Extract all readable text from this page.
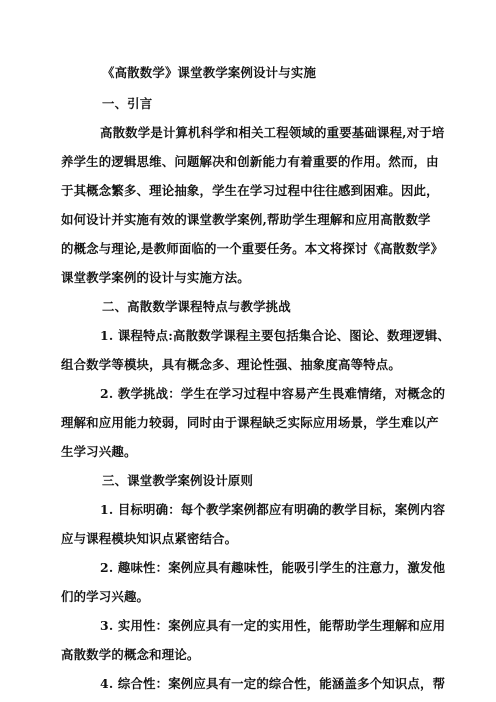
《高散数学》课堂教学案例设计与实施
一、引言
高散数学是计算机科学和相关工程领域的重要基础课程,对于培
养学生的逻辑思维、问题解决和创新能力有着重要的作用。然而，由
于其概念繁多、理论抽象，学生在学习过程中往往感到困难。因此，
如何设计并实施有效的课堂教学案例,帮助学生理解和应用高散数学
的概念与理论,是教师面临的一个重要任务。本文将探讨《高散数学》
课堂教学案例的设计与实施方法。
二、高散数学课程特点与教学挑战
1. 课程特点:高散数学课程主要包括集合论、图论、数理逻辑、
组合数学等模块，具有概念多、理论性强、抽象度高等特点。
2. 教学挑战：学生在学习过程中容易产生畏难情绪，对概念的
理解和应用能力较弱，同时由于课程缺乏实际应用场景，学生难以产
生学习兴趣。
三、课堂教学案例设计原则
1. 目标明确：每个教学案例都应有明确的教学目标，案例内容
应与课程模块知识点紧密结合。
2. 趣味性：案例应具有趣味性，能吸引学生的注意力，激发他
们的学习兴趣。
3. 实用性：案例应具有一定的实用性，能帮助学生理解和应用
高散数学的概念和理论。
4. 综合性：案例应具有一定的综合性，能涵盖多个知识点，帮
